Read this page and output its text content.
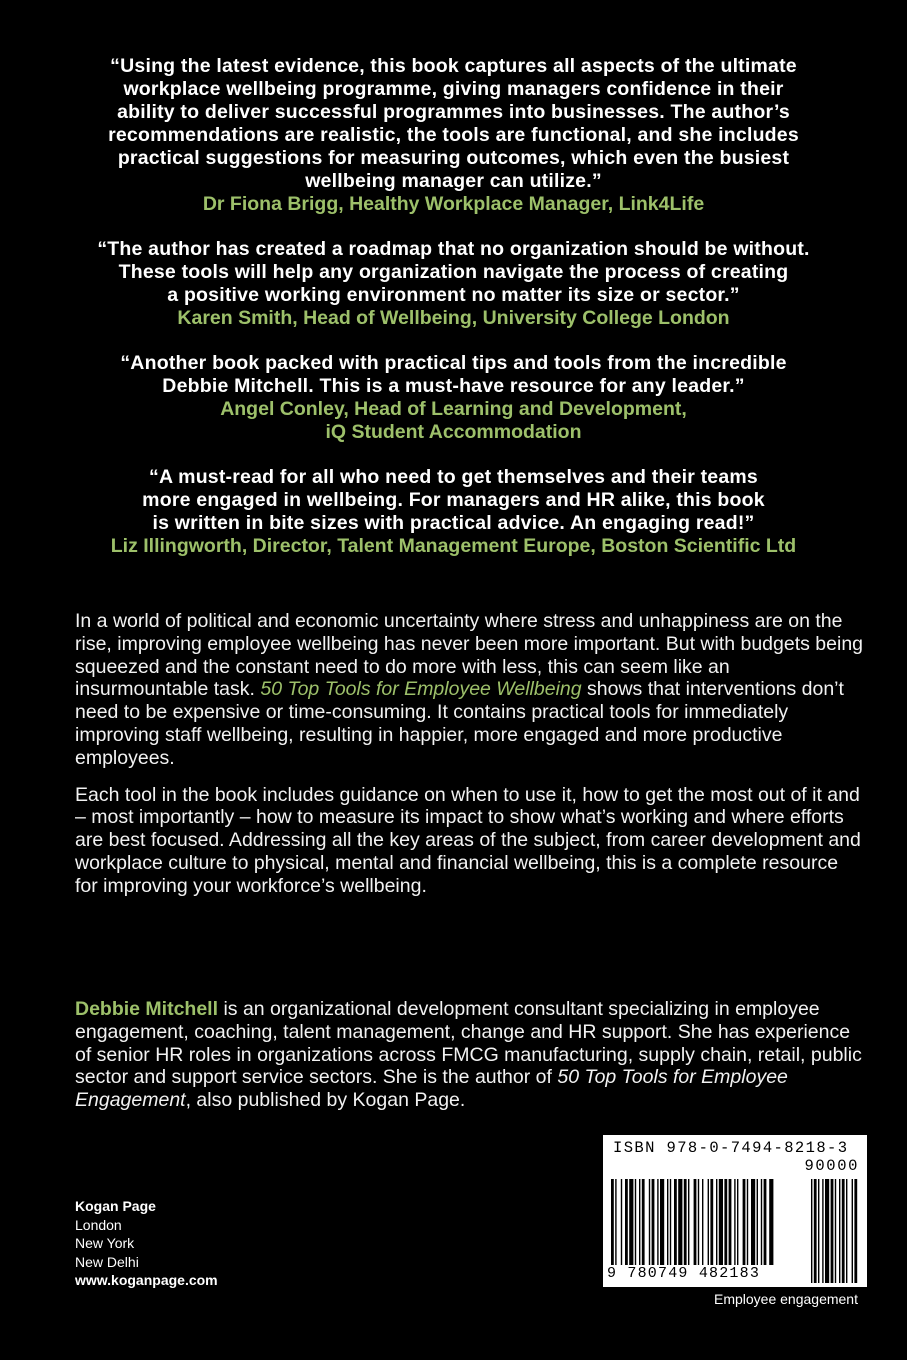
“Using the latest evidence, this book captures all aspects of the ultimate
workplace wellbeing programme, giving managers confidence in their
ability to deliver successful programmes into businesses. The author’s
recommendations are realistic, the tools are functional, and she includes
practical suggestions for measuring outcomes, which even the busiest
wellbeing manager can utilize.”
Dr Fiona Brigg, Healthy Workplace Manager, Link4Life
“The author has created a roadmap that no organization should be without.
These tools will help any organization navigate the process of creating
a positive working environment no matter its size or sector.”
Karen Smith, Head of Wellbeing, University College London
“Another book packed with practical tips and tools from the incredible
Debbie Mitchell. This is a must-have resource for any leader.”
Angel Conley, Head of Learning and Development,
iQ Student Accommodation
“A must-read for all who need to get themselves and their teams
more engaged in wellbeing. For managers and HR alike, this book
is written in bite sizes with practical advice. An engaging read!”
Liz Illingworth, Director, Talent Management Europe, Boston Scientific Ltd

In a world of political and economic uncertainty where stress and unhappiness are on the rise, improving employee wellbeing has never been more important. But with budgets being squeezed and the constant need to do more with less, this can seem like an insurmountable task. 50 Top Tools for Employee Wellbeing shows that interventions don’t need to be expensive or time-consuming. It contains practical tools for immediately improving staff wellbeing, resulting in happier, more engaged and more productive employees.

Each tool in the book includes guidance on when to use it, how to get the most out of it and – most importantly – how to measure its impact to show what’s working and where efforts are best focused. Addressing all the key areas of the subject, from career development and workplace culture to physical, mental and financial wellbeing, this is a complete resource for improving your workforce’s wellbeing.

Debbie Mitchell is an organizational development consultant specializing in employee engagement, coaching, talent management, change and HR support. She has experience of senior HR roles in organizations across FMCG manufacturing, supply chain, retail, public sector and support service sectors. She is the author of 50 Top Tools for Employee Engagement, also published by Kogan Page.
Kogan Page
London
New York
New Delhi
www.koganpage.com
ISBN 978-0-7494-8218-3
90000
9 780749 482183
Employee engagement
